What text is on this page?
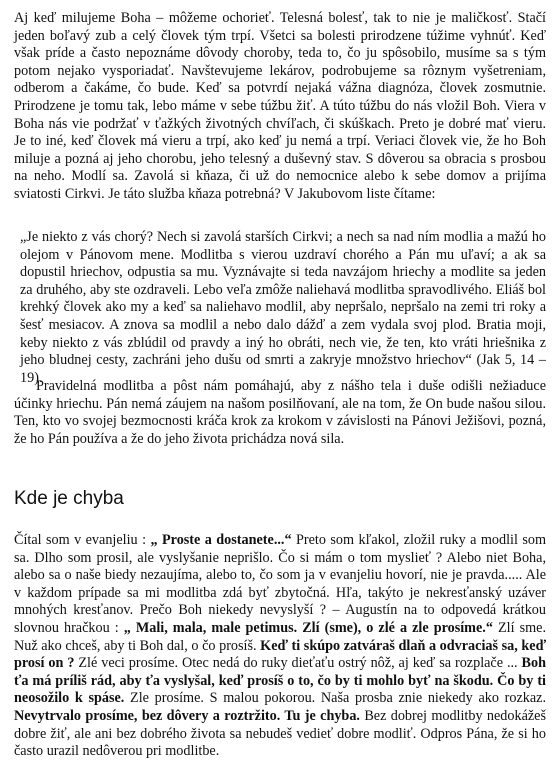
Aj keď milujeme Boha – môžeme ochorieť. Telesná bolesť, tak to nie je maličkosť. Stačí jeden boľavý zub a celý človek tým trpí. Všetci sa bolesti prirodzene túžime vyhnúť. Keď však príde a často nepoznáme dôvody choroby, teda to, čo ju spôsobilo, musíme sa s tým potom nejako vysporiadať. Navštevujeme lekárov, podrobujeme sa rôznym vyšetreniam, odberom a čakáme, čo bude. Keď sa potvrdí nejaká vážna diagnóza, človek zosmutnie. Prirodzene je tomu tak, lebo máme v sebe túžbu žiť. A túto túžbu do nás vložil Boh. Viera v Boha nás vie podržať v ťažkých životných chvíľach, či skúškach. Preto je dobré mať vieru. Je to iné, keď človek má vieru a trpí, ako keď ju nemá a trpí. Veriaci človek vie, že ho Boh miluje a pozná aj jeho chorobu, jeho telesný a duševný stav. S dôverou sa obracia s prosbou na neho. Modlí sa. Zavolá si kňaza, či už do nemocnice alebo k sebe domov a prijíma sviatosti Cirkvi. Je táto služba kňaza potrebná? V Jakubovom liste čítame:

„Je niekto z vás chorý? Nech si zavolá starších Cirkvi; a nech sa nad ním modlia a mažú ho olejom v Pánovom mene. Modlitba s vierou uzdraví chorého a Pán mu uľaví; a ak sa dopustil hriechov, odpustia sa mu. Vyznávajte si teda navzájom hriechy a modlite sa jeden za druhého, aby ste ozdraveli. Lebo veľa zmôže naliehavá modlitba spravodlivého. Eliáš bol krehký človek ako my a keď sa naliehavo modlil, aby nepršalo, nepršalo na zemi tri roky a šesť mesiacov. A znova sa modlil a nebo dalo dážď a zem vydala svoj plod. Bratia moji, keby niekto z vás zblúdil od pravdy a iný ho obráti, nech vie, že ten, kto vráti hriešnika z jeho bludnej cesty, zachráni jeho dušu od smrti a zakryje množstvo hriechov“ (Jak 5, 14 – 19).

Pravidelná modlitba a pôst nám pomáhajú, aby z nášho tela i duše odišli nežiaduce účinky hriechu. Pán nemá záujem na našom posilňovaní, ale na tom, že On bude našou silou. Ten, kto vo svojej bezmocnosti kráča krok za krokom v závislosti na Pánovi Ježišovi, pozná, že ho Pán používa a že do jeho života prichádza nová sila.

Kde je chyba

Čítal som v evanjeliu : „ Proste a dostanete...“ Preto som kľakol, zložil ruky a modlil som sa. Dlho som prosil, ale vyslyšanie neprišlo. Čo si mám o tom myslieť ? Alebo niet Boha, alebo sa o naše biedy nezaujíma, alebo to, čo som ja v evanjeliu hovorí, nie je pravda..... Ale v každom prípade sa mi modlitba zdá byť zbytočná. Hľa, takýto je nekresťanský uzáver mnohých kresťanov. Prečo Boh niekedy nevyslyší ? – Augustín na to odpovedá krátkou slovnou hračkou : „ Mali, mala, male petimus. Zlí (sme), o zlé a zle prosíme.“ Zlí sme. Nuž ako chceš, aby ti Boh dal, o čo prosíš. Keď ti skúpo zatváraš dlaň a odvraciaš sa, keď prosí on ? Zlé veci prosíme. Otec nedá do ruky dieťaťu ostrý nôž, aj keď sa rozplače ... Boh ťa má príliš rád, aby ťa vyslyšal, keď prosíš o to, čo by ti mohlo byť na škodu. Čo by ti neosožilo k spáse. Zle prosíme. S malou pokorou. Naša prosba znie niekedy ako rozkaz. Nevytrvalo prosíme, bez dôvery a roztržito. Tu je chyba. Bez dobrej modlitby nedokážeš dobre žiť, ale ani bez dobrého života sa nebudeš vedieť dobre modliť. Odpros Pána, že si ho často urazil nedôverou pri modlitbe.
